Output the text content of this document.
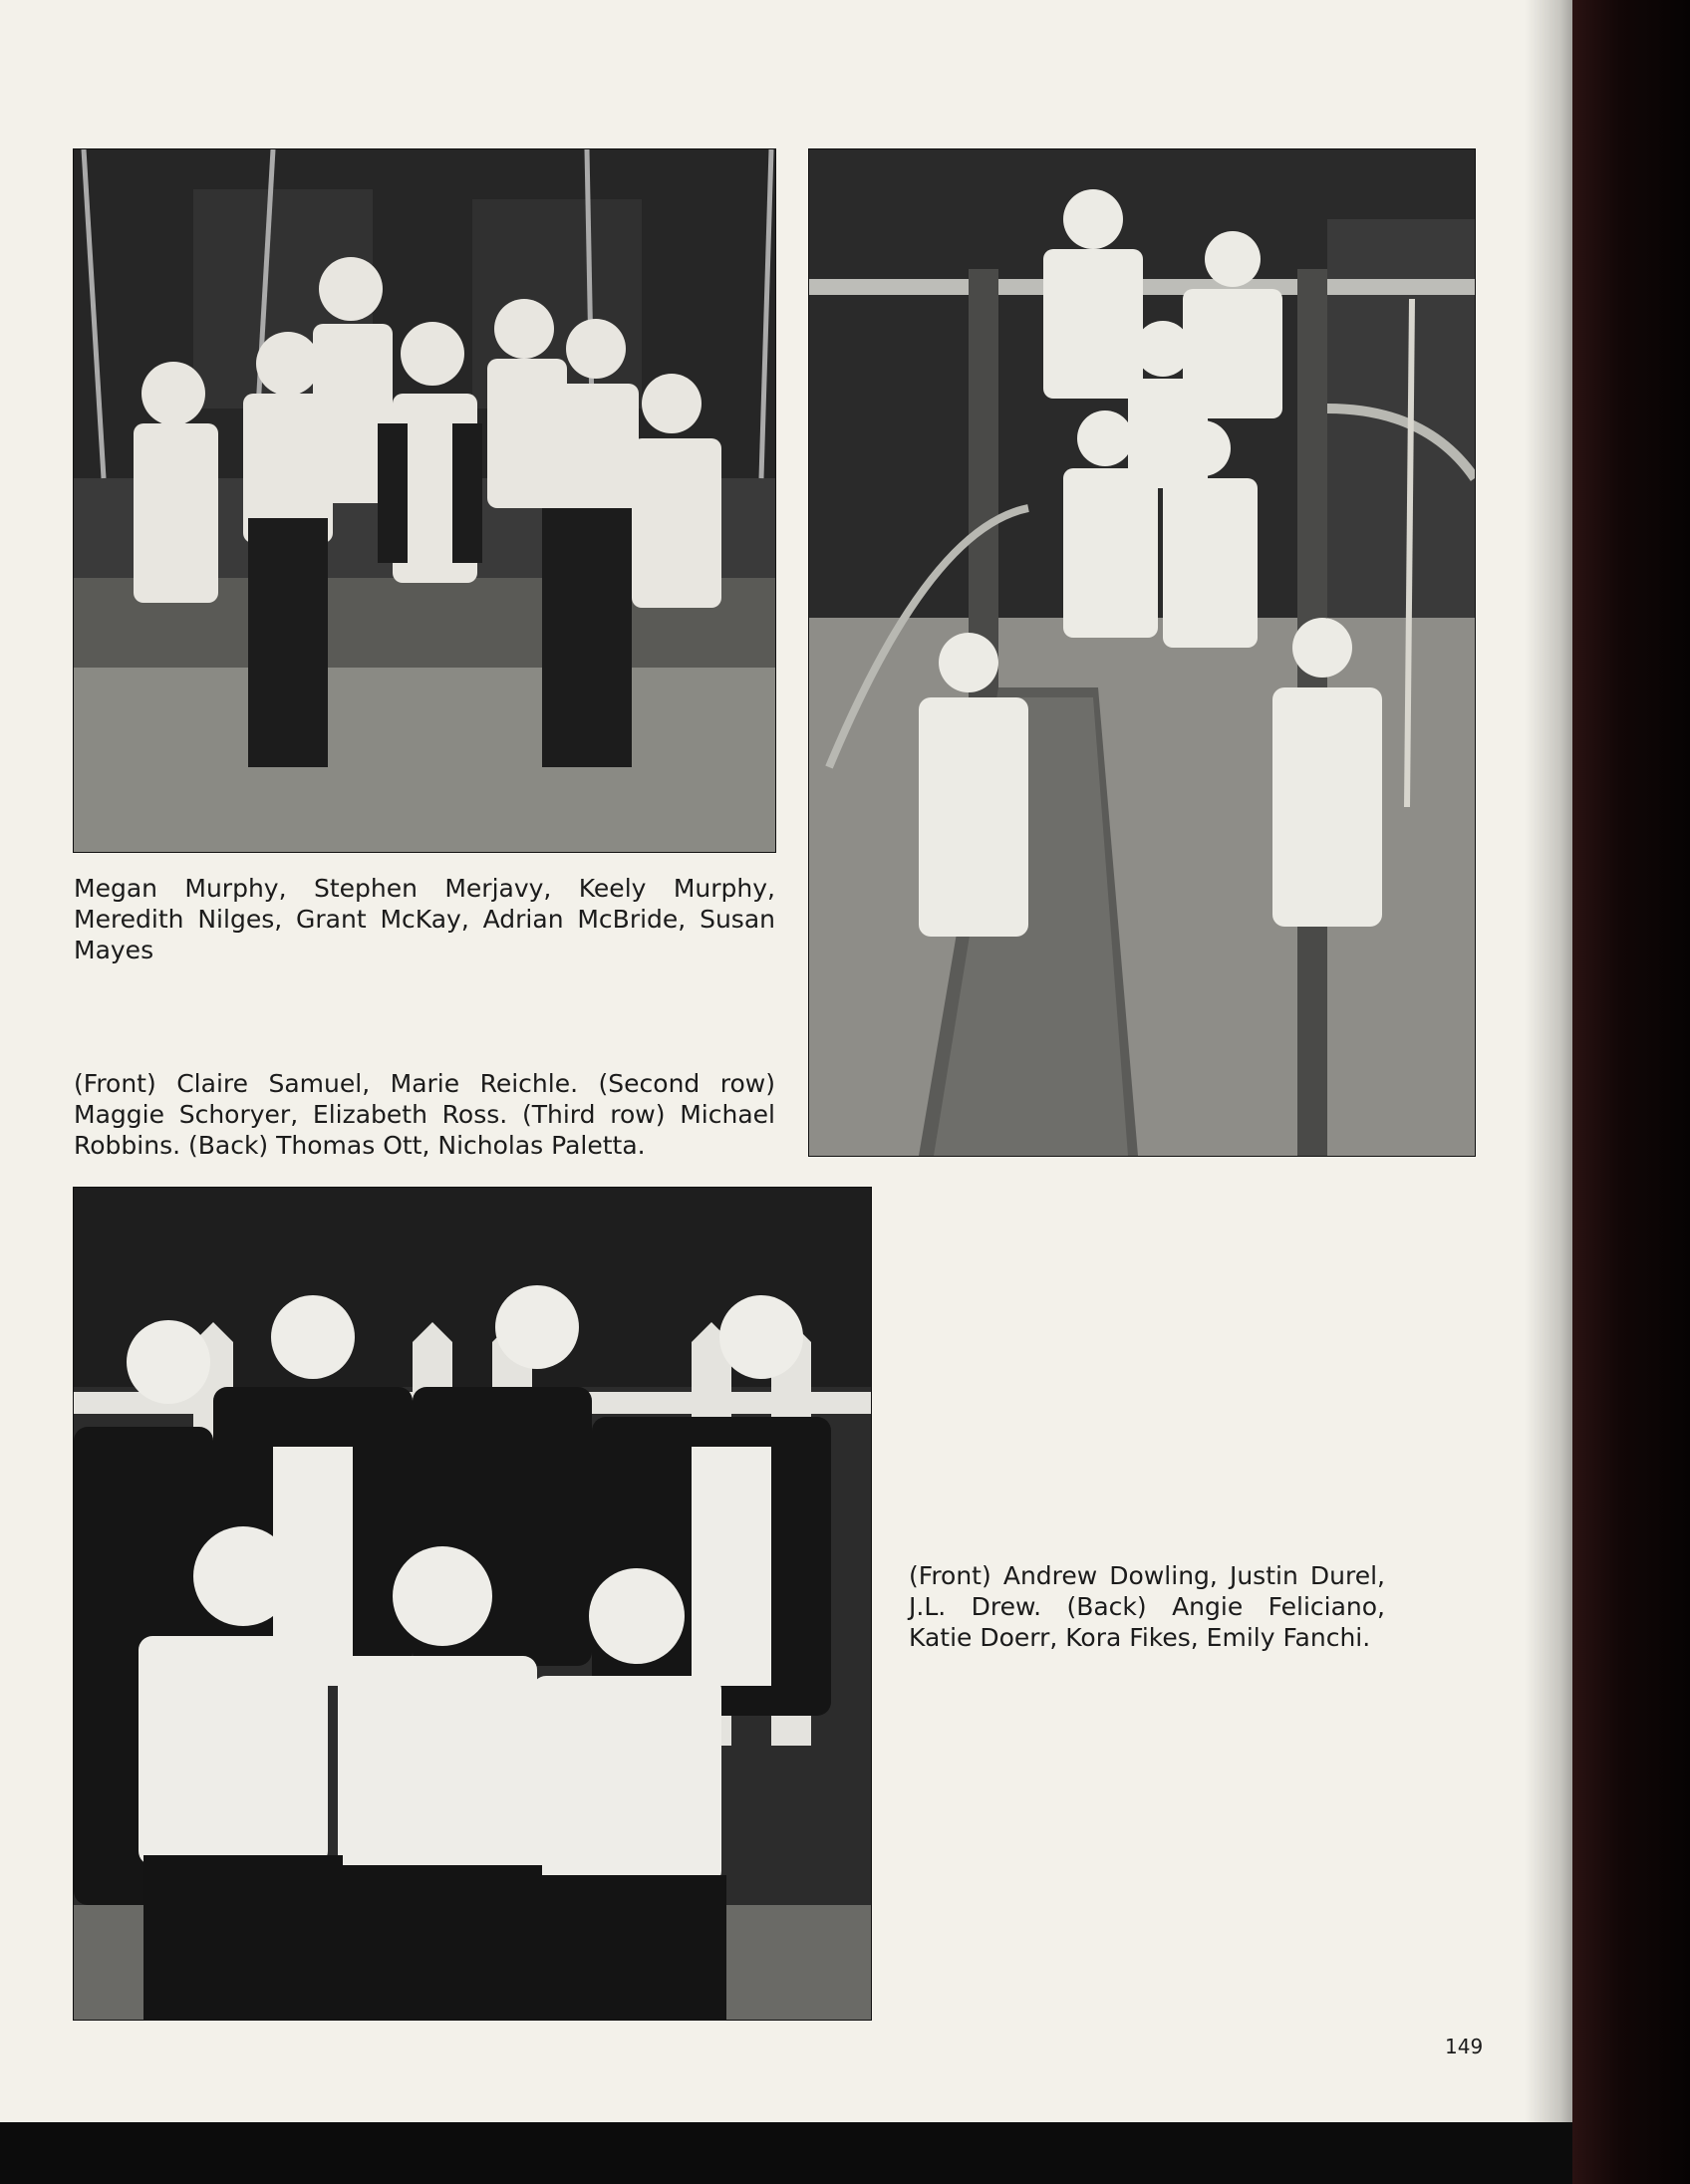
Megan Murphy, Stephen Merjavy, Keely Murphy, Meredith Nilges, Grant McKay, Adrian McBride, Susan Mayes

(Front) Claire Samuel, Marie Reichle. (Second row) Maggie Schoryer, Elizabeth Ross. (Third row) Michael Robbins. (Back) Thomas Ott, Nicholas Paletta.

(Front) Andrew Dowling, Justin Durel, J.L. Drew. (Back) Angie Feliciano, Katie Doerr, Kora Fikes, Emily Fanchi.

149
